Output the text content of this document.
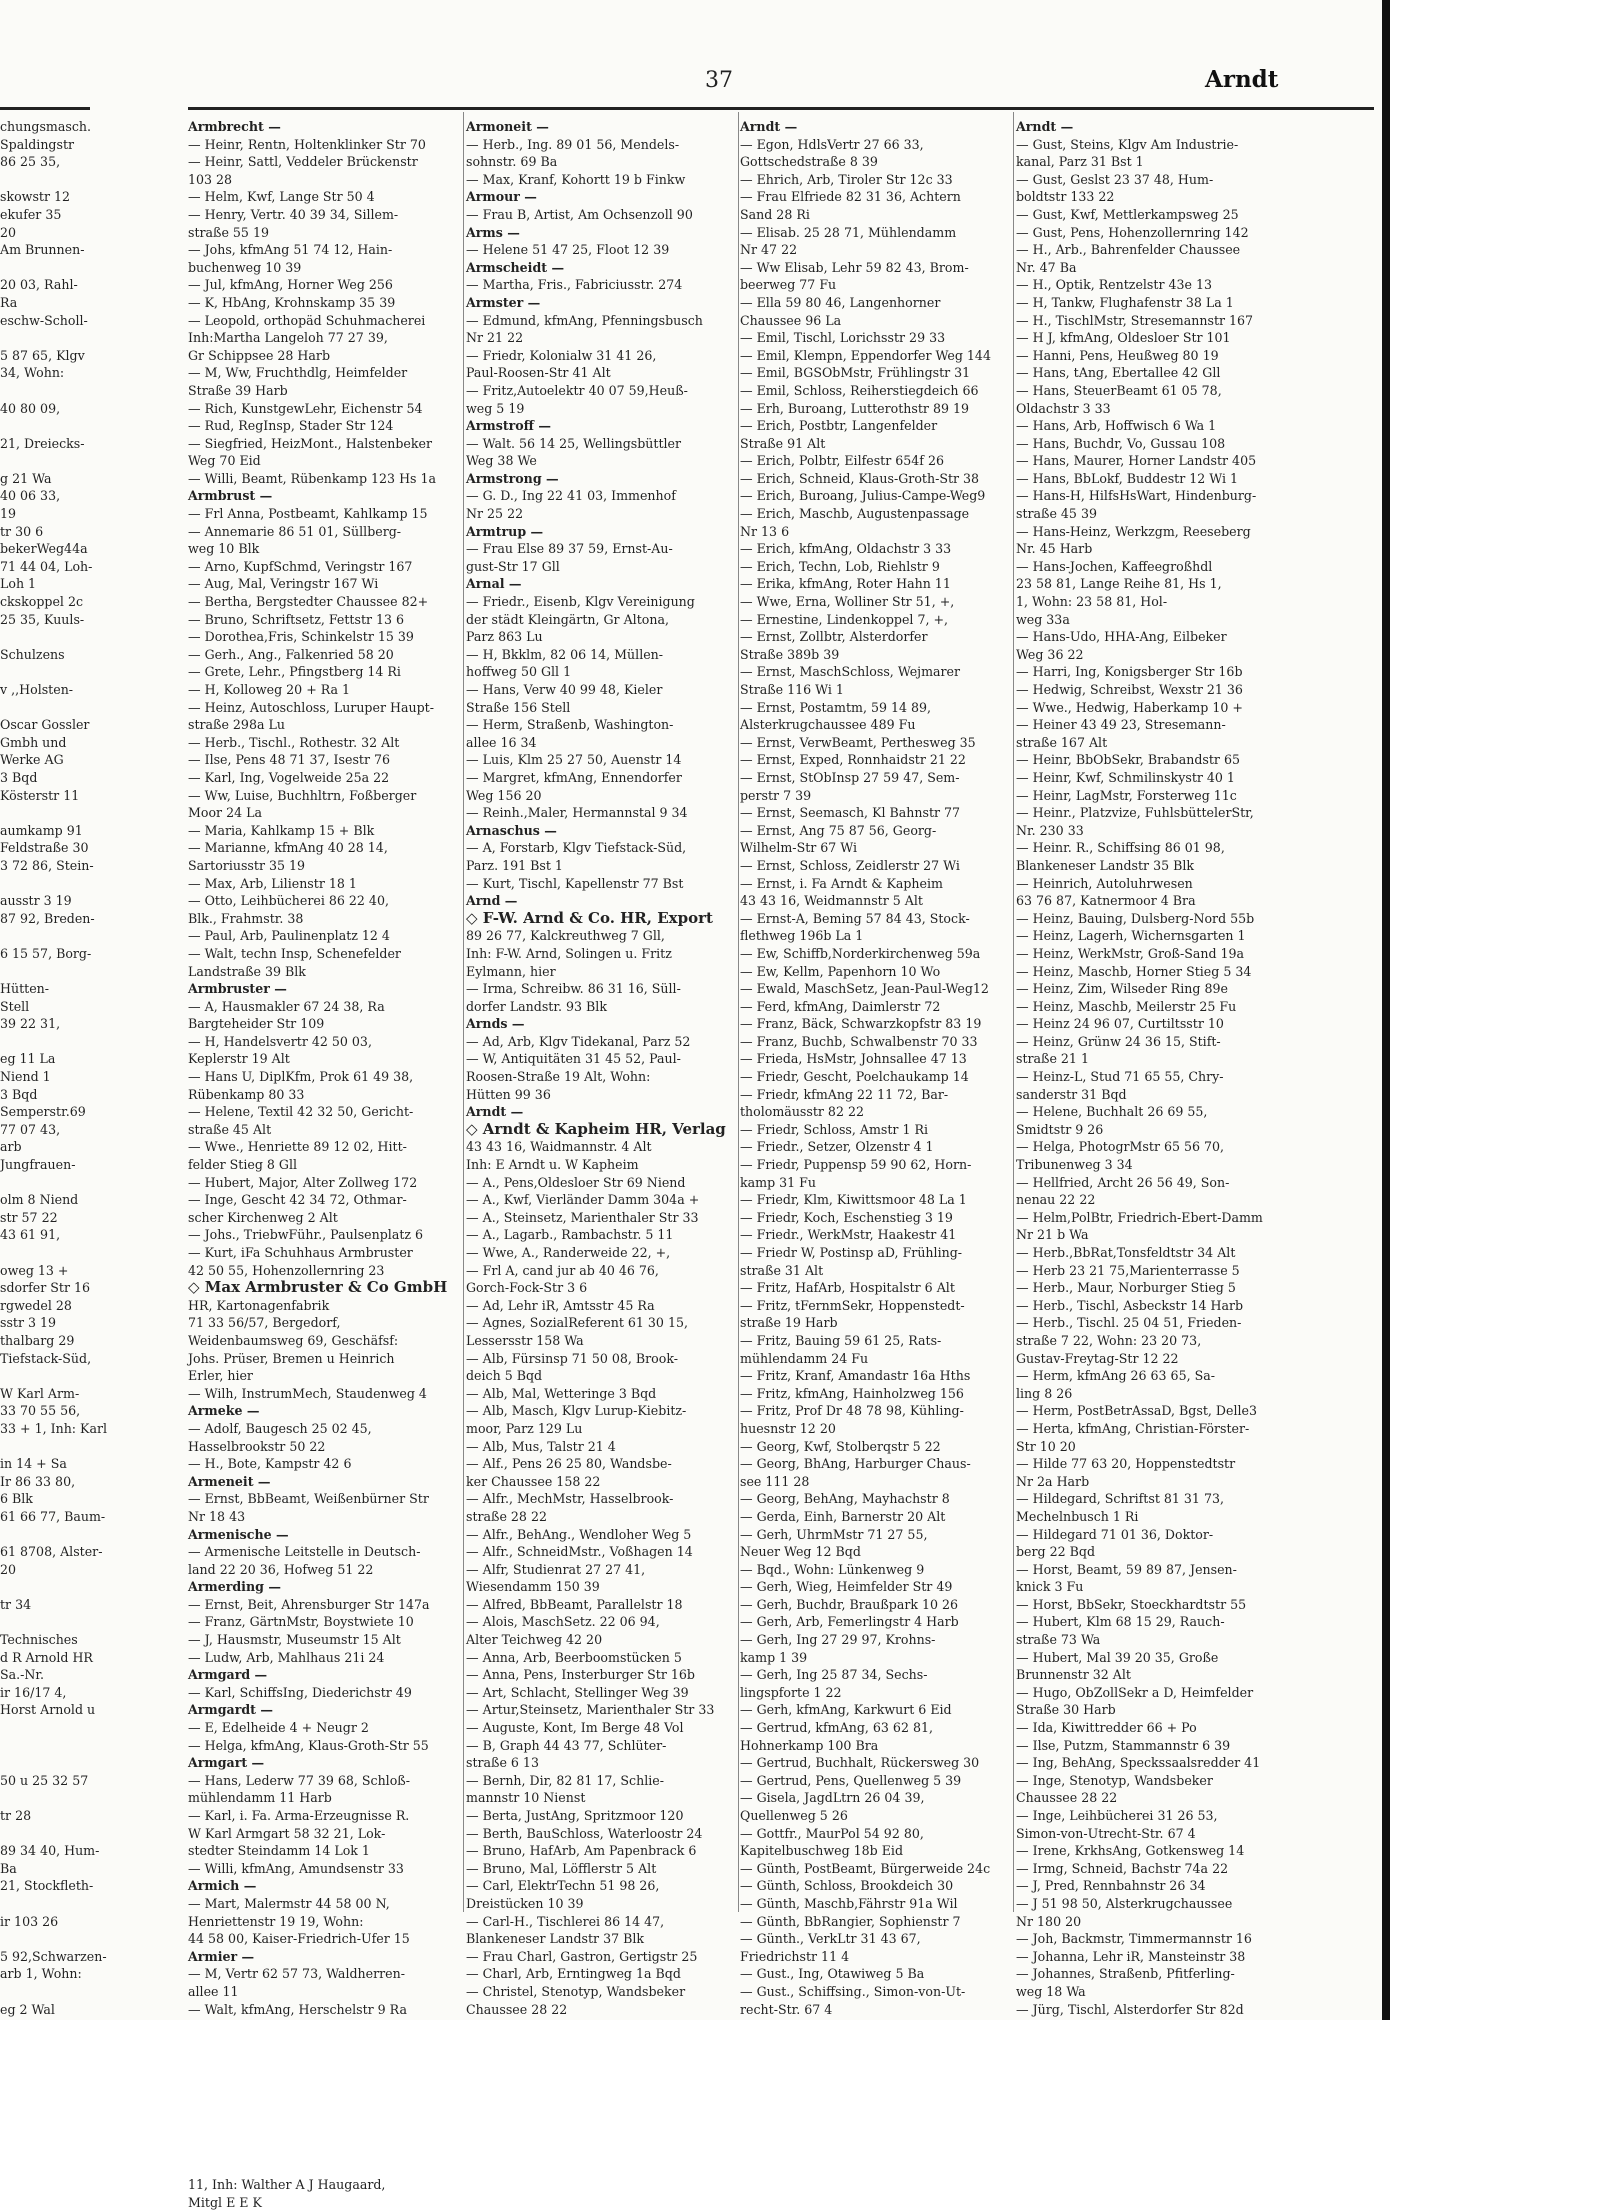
37	Arndt
chungsmasch.
Spaldingstr
86 25 35,
skowstr 12
ekufer 35
20
Am Brunnen-
20 03, Rahl-
Ra
eschw-Scholl-
5 87 65, Klgv
34, Wohn:
40 80 09,
21, Dreiecks-
g 21 Wa
40 06 33,
19
tr 30 6
bekerWeg44a
71 44 04, Loh-
Loh 1
ckskoppel 2c
25 35, Kuuls-
Schulzens
v ,,Holsten-
Oscar Gossler
Gmbh und
Werke AG
3 Bqd
Kösterstr 11
aumkamp 91
Feldstraße 30
3 72 86, Stein-
ausstr 3 19
87 92, Breden-
6 15 57, Borg-
Hütten-
Stell
39 22 31,
eg 11 La
Niend 1
3 Bqd
Semperstr.69
77 07 43,
arb
Jungfrauen-
olm 8 Niend
str 57 22
43 61 91,
oweg 13 +
sdorfer Str 16
rgwedel 28
sstr 3 19
thalbarg 29
Tiefstack-Süd,
W Karl Arm-
33 70 55 56,
33 + 1, Inh: Karl
in 14 + Sa
Ir 86 33 80,
6 Blk
61 66 77, Baum-
61 8708, Alster-
20
tr 34
Technisches
d R Arnold HR
Sa.-Nr.
ir 16/17 4,
Horst Arnold u
50 u 25 32 57
tr 28
89 34 40, Hum-
Ba
21, Stockfleth-
ir 103 26
5 92,Schwarzen-
arb 1, Wohn:
eg 2 Wal
Armbrecht —
— Heinr, Rentn, Holtenklinker Str 70
— Heinr, Sattl, Veddeler Brückenstr
103 28
— Helm, Kwf, Lange Str 50 4
— Henry, Vertr. 40 39 34, Sillem-
straße 55 19
— Johs, kfmAng 51 74 12, Hain-
buchenweg 10 39
— Jul, kfmAng, Horner Weg 256
— K, HbAng, Krohnskamp 35 39
— Leopold, orthopäd Schuhmacherei
Inh:Martha Langeloh 77 27 39,
Gr Schippsee 28 Harb
— M, Ww, Fruchthdlg, Heimfelder
Straße 39 Harb
— Rich, KunstgewLehr, Eichenstr 54
— Rud, RegInsp, Stader Str 124
— Siegfried, HeizMont., Halstenbeker
Weg 70 Eid
— Willi, Beamt, Rübenkamp 123 Hs 1a
Armbrust —
— Frl Anna, Postbeamt, Kahlkamp 15
— Annemarie 86 51 01, Süllberg-
weg 10 Blk
— Arno, KupfSchmd, Veringstr 167
— Aug, Mal, Veringstr 167 Wi
— Bertha, Bergstedter Chaussee 82+
— Bruno, Schriftsetz, Fettstr 13 6
— Dorothea,Fris, Schinkelstr 15 39
— Gerh., Ang., Falkenried 58 20
— Grete, Lehr., Pfingstberg 14 Ri
— H, Kolloweg 20 + Ra 1
— Heinz, Autoschloss, Luruper Haupt-
straße 298a Lu
— Herb., Tischl., Rothestr. 32 Alt
— Ilse, Pens 48 71 37, Isestr 76
— Karl, Ing, Vogelweide 25a 22
— Ww, Luise, Buchhltrn, Foßberger
Moor 24 La
— Maria, Kahlkamp 15 + Blk
— Marianne, kfmAng 40 28 14,
Sartoriusstr 35 19
— Max, Arb, Lilienstr 18 1
— Otto, Leihbücherei 86 22 40,
Blk., Frahmstr. 38
— Paul, Arb, Paulinenplatz 12 4
— Walt, techn Insp, Schenefelder
Landstraße 39 Blk
Armbruster —
— A, Hausmakler 67 24 38, Ra
Bargteheider Str 109
— H, Handelsvertr 42 50 03,
Keplerstr 19 Alt
— Hans U, DiplKfm, Prok 61 49 38,
Rübenkamp 80 33
— Helene, Textil 42 32 50, Gericht-
straße 45 Alt
— Wwe., Henriette 89 12 02, Hitt-
felder Stieg 8 Gll
— Hubert, Major, Alter Zollweg 172
— Inge, Gescht 42 34 72, Othmar-
scher Kirchenweg 2 Alt
— Johs., TriebwFühr., Paulsenplatz 6
— Kurt, iFa Schuhhaus Armbruster
42 50 55, Hohenzollernring 23
◇ Max Armbruster & Co GmbH
HR, Kartonagenfabrik
71 33 56/57, Bergedorf,
Weidenbaumsweg 69, Geschäfsf:
Johs. Prüser, Bremen u Heinrich
Erler, hier
— Wilh, InstrumMech, Staudenweg 4
Armeke —
— Adolf, Baugesch 25 02 45,
Hasselbrookstr 50 22
— H., Bote, Kampstr 42 6
Armeneit —
— Ernst, BbBeamt, Weißenbürner Str
Nr 18 43
Armenische —
— Armenische Leitstelle in Deutsch-
land 22 20 36, Hofweg 51 22
Armerding —
— Ernst, Beit, Ahrensburger Str 147a
— Franz, GärtnMstr, Boystwiete 10
— J, Hausmstr, Museumstr 15 Alt
— Ludw, Arb, Mahlhaus 21i 24
Armgard —
— Karl, SchiffsIng, Diederichstr 49
Armgardt —
— E, Edelheide 4 + Neugr 2
— Helga, kfmAng, Klaus-Groth-Str 55
Armgart —
— Hans, Lederw 77 39 68, Schloß-
mühlendamm 11 Harb
— Karl, i. Fa. Arma-Erzeugnisse R.
W Karl Armgart 58 32 21, Lok-
stedter Steindamm 14 Lok 1
— Willi, kfmAng, Amundsenstr 33
Armich —
— Mart, Malermstr 44 58 00 N,
Henriettenstr 19 19, Wohn:
44 58 00, Kaiser-Friedrich-Ufer 15
Armier —
— M, Vertr 62 57 73, Waldherren-
allee 11
— Walt, kfmAng, Herschelstr 9 Ra
11, Inh: Walther A J Haugaard,
Mitgl E E K
Armoneit —
— Herb., Ing. 89 01 56, Mendels-
sohnstr. 69 Ba
— Max, Kranf, Kohortt 19 b Finkw
Armour —
— Frau B, Artist, Am Ochsenzoll 90
Arms —
— Helene 51 47 25, Floot 12 39
Armscheidt —
— Martha, Fris., Fabriciusstr. 274
Armster —
— Edmund, kfmAng, Pfenningsbusch
Nr 21 22
— Friedr, Kolonialw 31 41 26,
Paul-Roosen-Str 41 Alt
— Fritz,Autoelektr 40 07 59,Heuß-
weg 5 19
Armstroff —
— Walt. 56 14 25, Wellingsbüttler
Weg 38 We
Armstrong —
— G. D., Ing 22 41 03, Immenhof
Nr 25 22
Armtrup —
— Frau Else 89 37 59, Ernst-Au-
gust-Str 17 Gll
Arnal —
— Friedr., Eisenb, Klgv Vereinigung
der städt Kleingärtn, Gr Altona,
Parz 863 Lu
— H, Bkklm, 82 06 14, Müllen-
hoffweg 50 Gll 1
— Hans, Verw 40 99 48, Kieler
Straße 156 Stell
— Herm, Straßenb, Washington-
allee 16 34
— Luis, Klm 25 27 50, Auenstr 14
— Margret, kfmAng, Ennendorfer
Weg 156 20
— Reinh.,Maler, Hermannstal 9 34
Arnaschus —
— A, Forstarb, Klgv Tiefstack-Süd,
Parz. 191 Bst 1
— Kurt, Tischl, Kapellenstr 77 Bst
Arnd —
◇ F-W. Arnd & Co. HR, Export
89 26 77, Kalckreuthweg 7 Gll,
Inh: F-W. Arnd, Solingen u. Fritz
Eylmann, hier
— Irma, Schreibw. 86 31 16, Süll-
dorfer Landstr. 93 Blk
Arnds —
— Ad, Arb, Klgv Tidekanal, Parz 52
— W, Antiquitäten 31 45 52, Paul-
Roosen-Straße 19 Alt, Wohn:
Hütten 99 36
Arndt —
◇ Arndt & Kapheim HR, Verlag
43 43 16, Waidmannstr. 4 Alt
Inh: E Arndt u. W Kapheim
— A., Pens,Oldesloer Str 69 Niend
— A., Kwf, Vierländer Damm 304a +
— A., Steinsetz, Marienthaler Str 33
— A., Lagarb., Rambachstr. 5 11
— Wwe, A., Randerweide 22, +,
— Frl A, cand jur ab 40 46 76,
Gorch-Fock-Str 3 6
— Ad, Lehr iR, Amtsstr 45 Ra
— Agnes, SozialReferent 61 30 15,
Lessersstr 158 Wa
— Alb, Fürsinsp 71 50 08, Brook-
deich 5 Bqd
— Alb, Mal, Wetteringe 3 Bqd
— Alb, Masch, Klgv Lurup-Kiebitz-
moor, Parz 129 Lu
— Alb, Mus, Talstr 21 4
— Alf., Pens 26 25 80, Wandsbe-
ker Chaussee 158 22
— Alfr., MechMstr, Hasselbrook-
straße 28 22
— Alfr., BehAng., Wendloher Weg 5
— Alfr., SchneidMstr., Voßhagen 14
— Alfr, Studienrat 27 27 41,
Wiesendamm 150 39
— Alfred, BbBeamt, Parallelstr 18
— Alois, MaschSetz. 22 06 94,
Alter Teichweg 42 20
— Anna, Arb, Beerboomstücken 5
— Anna, Pens, Insterburger Str 16b
— Art, Schlacht, Stellinger Weg 39
— Artur,Steinsetz, Marienthaler Str 33
— Auguste, Kont, Im Berge 48 Vol
— B, Graph 44 43 77, Schlüter-
straße 6 13
— Bernh, Dir, 82 81 17, Schlie-
mannstr 10 Nienst
— Berta, JustAng, Spritzmoor 120
— Berth, BauSchloss, Waterloostr 24
— Bruno, HafArb, Am Papenbrack 6
— Bruno, Mal, Löfflerstr 5 Alt
— Carl, ElektrTechn 51 98 26,
Dreistücken 10 39
— Carl-H., Tischlerei 86 14 47,
Blankeneser Landstr 37 Blk
— Frau Charl, Gastron, Gertigstr 25
— Charl, Arb, Erntingweg 1a Bqd
— Christel, Stenotyp, Wandsbeker
Chaussee 28 22
Arndt —
— Egon, HdlsVertr 27 66 33,
Gottschedstraße 8 39
— Ehrich, Arb, Tiroler Str 12c 33
— Frau Elfriede 82 31 36, Achtern
Sand 28 Ri
— Elisab. 25 28 71, Mühlendamm
Nr 47 22
— Ww Elisab, Lehr 59 82 43, Brom-
beerweg 77 Fu
— Ella 59 80 46, Langenhorner
Chaussee 96 La
— Emil, Tischl, Lorichsstr 29 33
— Emil, Klempn, Eppendorfer Weg 144
— Emil, BGSObMstr, Frühlingstr 31
— Emil, Schloss, Reiherstiegdeich 66
— Erh, Buroang, Lutterothstr 89 19
— Erich, Postbtr, Langenfelder
Straße 91 Alt
— Erich, Polbtr, Eilfestr 654f 26
— Erich, Schneid, Klaus-Groth-Str 38
— Erich, Buroang, Julius-Campe-Weg9
— Erich, Maschb, Augustenpassage
Nr 13 6
— Erich, kfmAng, Oldachstr 3 33
— Erich, Techn, Lob, Riehlstr 9
— Erika, kfmAng, Roter Hahn 11
— Wwe, Erna, Wolliner Str 51, +,
— Ernestine, Lindenkoppel 7, +,
— Ernst, Zollbtr, Alsterdorfer
Straße 389b 39
— Ernst, MaschSchloss, Wejmarer
Straße 116 Wi 1
— Ernst, Postamtm, 59 14 89,
Alsterkrugchaussee 489 Fu
— Ernst, VerwBeamt, Perthesweg 35
— Ernst, Exped, Ronnhaidstr 21 22
— Ernst, StObInsp 27 59 47, Sem-
perstr 7 39
— Ernst, Seemasch, Kl Bahnstr 77
— Ernst, Ang 75 87 56, Georg-
Wilhelm-Str 67 Wi
— Ernst, Schloss, Zeidlerstr 27 Wi
— Ernst, i. Fa Arndt & Kapheim
43 43 16, Weidmannstr 5 Alt
— Ernst-A, Beming 57 84 43, Stock-
flethweg 196b La 1
— Ew, Schiffb,Norderkirchenweg 59a
— Ew, Kellm, Papenhorn 10 Wo
— Ewald, MaschSetz, Jean-Paul-Weg12
— Ferd, kfmAng, Daimlerstr 72
— Franz, Bäck, Schwarzkopfstr 83 19
— Franz, Buchb, Schwalbenstr 70 33
— Frieda, HsMstr, Johnsallee 47 13
— Friedr, Gescht, Poelchaukamp 14
— Friedr, kfmAng 22 11 72, Bar-
tholomäusstr 82 22
— Friedr, Schloss, Amstr 1 Ri
— Friedr., Setzer, Olzenstr 4 1
— Friedr, Puppensp 59 90 62, Horn-
kamp 31 Fu
— Friedr, Klm, Kiwittsmoor 48 La 1
— Friedr, Koch, Eschenstieg 3 19
— Friedr., WerkMstr, Haakestr 41
— Friedr W, Postinsp aD, Frühling-
straße 31 Alt
— Fritz, HafArb, Hospitalstr 6 Alt
— Fritz, tFernmSekr, Hoppenstedt-
straße 19 Harb
— Fritz, Bauing 59 61 25, Rats-
mühlendamm 24 Fu
— Fritz, Kranf, Amandastr 16a Hths
— Fritz, kfmAng, Hainholzweg 156
— Fritz, Prof Dr 48 78 98, Kühling-
huesnstr 12 20
— Georg, Kwf, Stolberqstr 5 22
— Georg, BhAng, Harburger Chaus-
see 111 28
— Georg, BehAng, Mayhachstr 8
— Gerda, Einh, Barnerstr 20 Alt
— Gerh, UhrmMstr 71 27 55,
Neuer Weg 12 Bqd
— Bqd., Wohn: Lünkenweg 9
— Gerh, Wieg, Heimfelder Str 49
— Gerh, Buchdr, Braußpark 10 26
— Gerh, Arb, Femerlingstr 4 Harb
— Gerh, Ing 27 29 97, Krohns-
kamp 1 39
— Gerh, Ing 25 87 34, Sechs-
lingspforte 1 22
— Gerh, kfmAng, Karkwurt 6 Eid
— Gertrud, kfmAng, 63 62 81,
Hohnerkamp 100 Bra
— Gertrud, Buchhalt, Rückersweg 30
— Gertrud, Pens, Quellenweg 5 39
— Gisela, JagdLtrn 26 04 39,
Quellenweg 5 26
— Gottfr., MaurPol 54 92 80,
Kapitelbuschweg 18b Eid
— Günth, PostBeamt, Bürgerweide 24c
— Günth, Schloss, Brookdeich 30
— Günth, Maschb,Fährstr 91a Wil
— Günth, BbRangier, Sophienstr 7
— Günth., VerkLtr 31 43 67,
Friedrichstr 11 4
— Gust., Ing, Otawiweg 5 Ba
— Gust., Schiffsing., Simon-von-Ut-
recht-Str. 67 4
Arndt —
— Gust, Steins, Klgv Am Industrie-
kanal, Parz 31 Bst 1
— Gust, Geslst 23 37 48, Hum-
boldtstr 133 22
— Gust, Kwf, Mettlerkampsweg 25
— Gust, Pens, Hohenzollernring 142
— H., Arb., Bahrenfelder Chaussee
Nr. 47 Ba
— H., Optik, Rentzelstr 43e 13
— H, Tankw, Flughafenstr 38 La 1
— H., TischlMstr, Stresemannstr 167
— H J, kfmAng, Oldesloer Str 101
— Hanni, Pens, Heußweg 80 19
— Hans, tAng, Ebertallee 42 Gll
— Hans, SteuerBeamt 61 05 78,
Oldachstr 3 33
— Hans, Arb, Hoffwisch 6 Wa 1
— Hans, Buchdr, Vo, Gussau 108
— Hans, Maurer, Horner Landstr 405
— Hans, BbLokf, Buddestr 12 Wi 1
— Hans-H, HilfsHsWart, Hindenburg-
straße 45 39
— Hans-Heinz, Werkzgm, Reeseberg
Nr. 45 Harb
— Hans-Jochen, Kaffeegroßhdl
23 58 81, Lange Reihe 81, Hs 1,
1, Wohn: 23 58 81, Hol-
weg 33a
— Hans-Udo, HHA-Ang, Eilbeker
Weg 36 22
— Harri, Ing, Konigsberger Str 16b
— Hedwig, Schreibst, Wexstr 21 36
— Wwe., Hedwig, Haberkamp 10 +
— Heiner 43 49 23, Stresemann-
straße 167 Alt
— Heinr, BbObSekr, Brabandstr 65
— Heinr, Kwf, Schmilinskystr 40 1
— Heinr, LagMstr, Forsterweg 11c
— Heinr., Platzvize, FuhlsbüttelerStr,
Nr. 230 33
— Heinr. R., Schiffsing 86 01 98,
Blankeneser Landstr 35 Blk
— Heinrich, Autoluhrwesen
63 76 87, Katnermoor 4 Bra
— Heinz, Bauing, Dulsberg-Nord 55b
— Heinz, Lagerh, Wichernsgarten 1
— Heinz, WerkMstr, Groß-Sand 19a
— Heinz, Maschb, Horner Stieg 5 34
— Heinz, Zim, Wilseder Ring 89e
— Heinz, Maschb, Meilerstr 25 Fu
— Heinz 24 96 07, Curtiltsstr 10
— Heinz, Grünw 24 36 15, Stift-
straße 21 1
— Heinz-L, Stud 71 65 55, Chry-
sanderstr 31 Bqd
— Helene, Buchhalt 26 69 55,
Smidtstr 9 26
— Helga, PhotogrMstr 65 56 70,
Tribunenweg 3 34
— Hellfried, Archt 26 56 49, Son-
nenau 22 22
— Helm,PolBtr, Friedrich-Ebert-Damm
Nr 21 b Wa
— Herb.,BbRat,Tonsfeldtstr 34 Alt
— Herb 23 21 75,Marienterrasse 5
— Herb., Maur, Norburger Stieg 5
— Herb., Tischl, Asbeckstr 14 Harb
— Herb., Tischl. 25 04 51, Frieden-
straße 7 22, Wohn: 23 20 73,
Gustav-Freytag-Str 12 22
— Herm, kfmAng 26 63 65, Sa-
ling 8 26
— Herm, PostBetrAssaD, Bgst, Delle3
— Herta, kfmAng, Christian-Förster-
Str 10 20
— Hilde 77 63 20, Hoppenstedtstr
Nr 2a Harb
— Hildegard, Schriftst 81 31 73,
Mechelnbusch 1 Ri
— Hildegard 71 01 36, Doktor-
berg 22 Bqd
— Horst, Beamt, 59 89 87, Jensen-
knick 3 Fu
— Horst, BbSekr, Stoeckhardtstr 55
— Hubert, Klm 68 15 29, Rauch-
straße 73 Wa
— Hubert, Mal 39 20 35, Große
Brunnenstr 32 Alt
— Hugo, ObZollSekr a D, Heimfelder
Straße 30 Harb
— Ida, Kiwittredder 66 + Po
— Ilse, Putzm, Stammannstr 6 39
— Ing, BehAng, Speckssaalsredder 41
— Inge, Stenotyp, Wandsbeker
Chaussee 28 22
— Inge, Leihbücherei 31 26 53,
Simon-von-Utrecht-Str. 67 4
— Irene, KrkhsAng, Gotkensweg 14
— Irmg, Schneid, Bachstr 74a 22
— J, Pred, Rennbahnstr 26 34
— J 51 98 50, Alsterkrugchaussee
Nr 180 20
— Joh, Backmstr, Timmermannstr 16
— Johanna, Lehr iR, Mansteinstr 38
— Johannes, Straßenb, Pfitferling-
weg 18 Wa
— Jürg, Tischl, Alsterdorfer Str 82d
